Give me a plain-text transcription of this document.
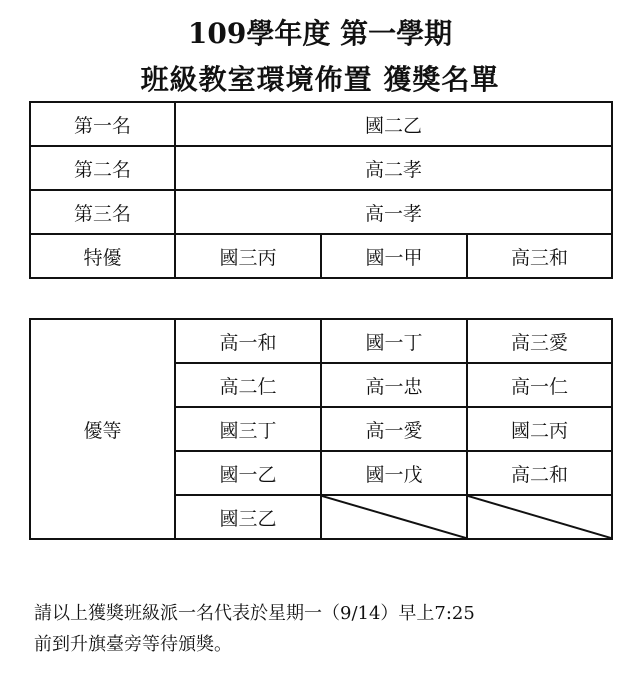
109學年度 第一學期
班級教室環境佈置 獲獎名單
第一名	國二乙		
第二名	高二孝		
第三名	高一孝		
特優	國三丙	國一甲	高三和
優等	高一和	國一丁	高三愛
	高二仁	高一忠	高一仁
	國三丁	高一愛	國二丙
	國一乙	國一戊	高二和
	國三乙	

請以上獲獎班級派一名代表於星期一（9/14）早上7:25
前到升旗臺旁等待頒獎。
